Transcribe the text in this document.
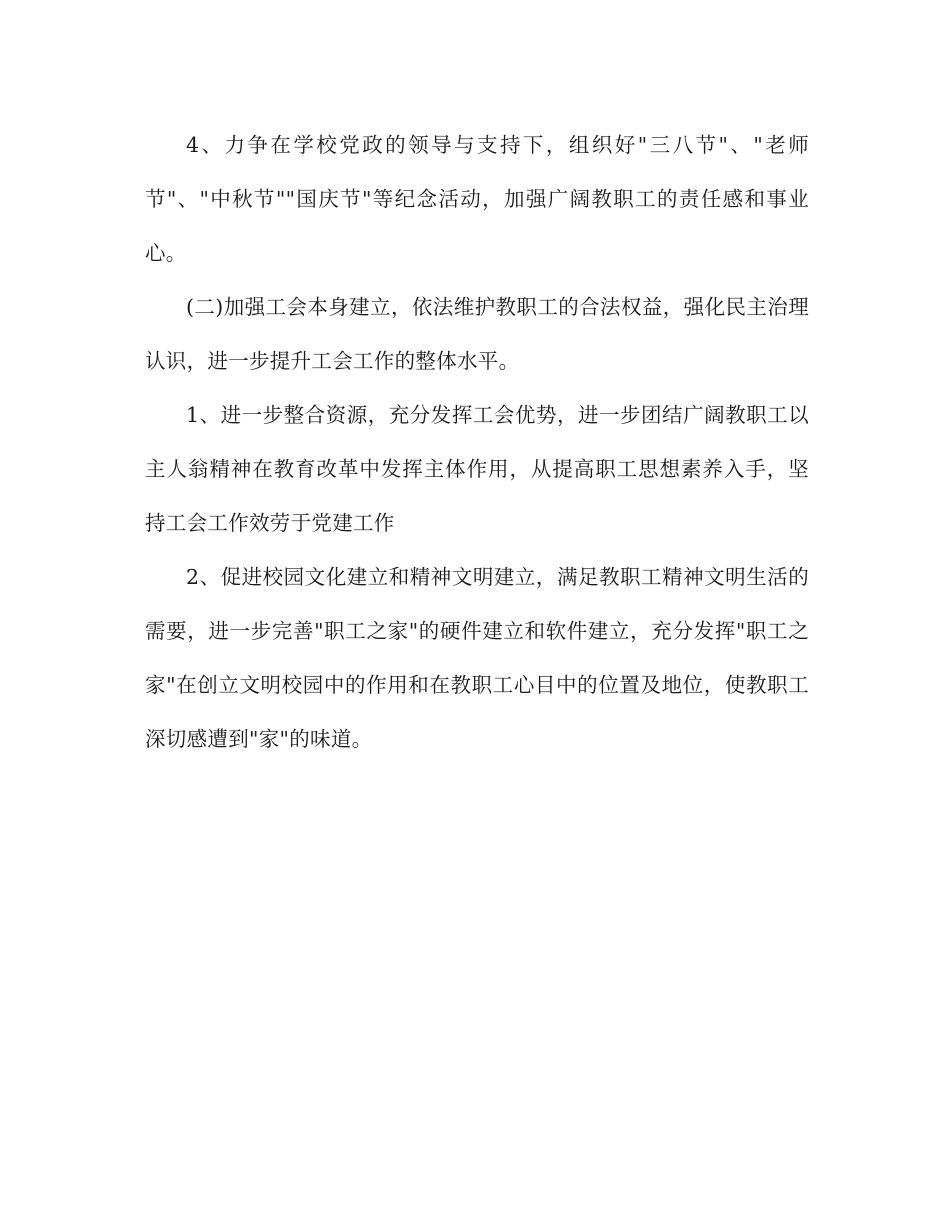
4、力争在学校党政的领导与支持下，组织好"三八节"、"老师节"、"中秋节""国庆节"等纪念活动，加强广阔教职工的责任感和事业心。

(二)加强工会本身建立，依法维护教职工的合法权益，强化民主治理认识，进一步提升工会工作的整体水平。

1、进一步整合资源，充分发挥工会优势，进一步团结广阔教职工以主人翁精神在教育改革中发挥主体作用，从提高职工思想素养入手，坚持工会工作效劳于党建工作

2、促进校园文化建立和精神文明建立，满足教职工精神文明生活的需要，进一步完善"职工之家"的硬件建立和软件建立，充分发挥"职工之家"在创立文明校园中的作用和在教职工心目中的位置及地位，使教职工深切感遭到"家"的味道。
